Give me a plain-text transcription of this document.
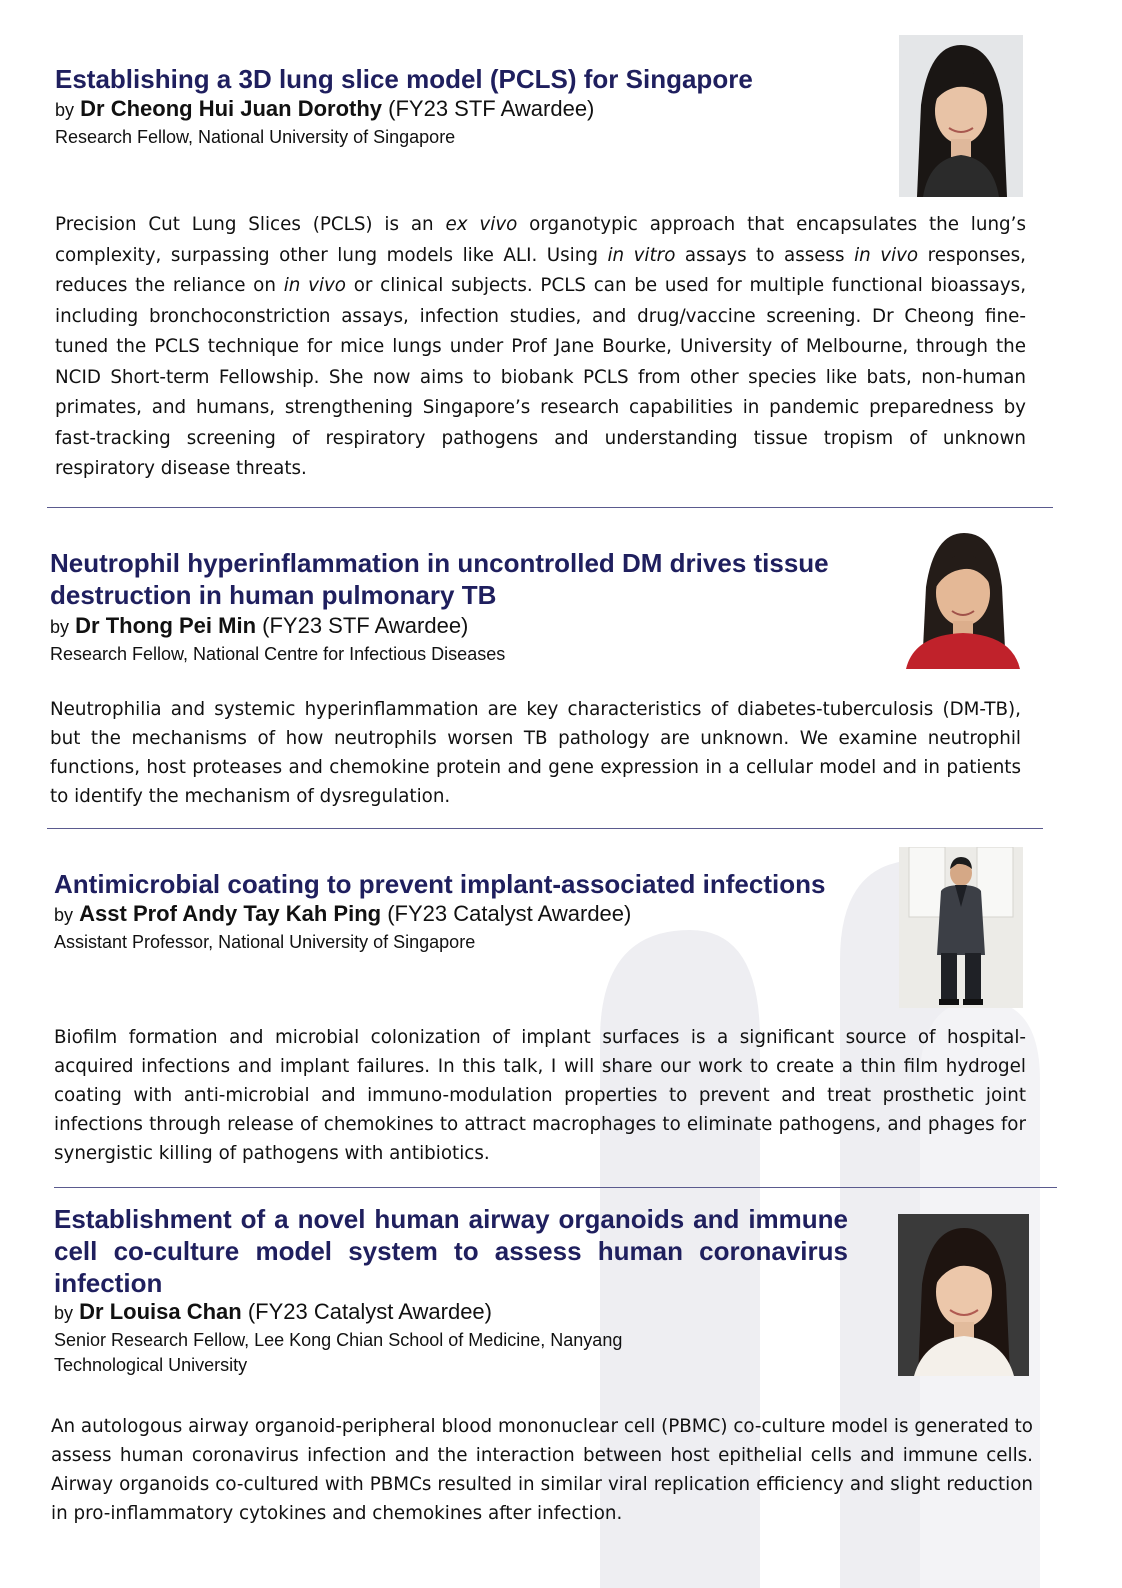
Establishing a 3D lung slice model (PCLS) for Singapore

by Dr Cheong Hui Juan Dorothy (FY23 STF Awardee)

Research Fellow, National University of Singapore

Precision Cut Lung Slices (PCLS) is an ex vivo organotypic approach that encapsulates the lung’s complexity, surpassing other lung models like ALI. Using in vitro assays to assess in vivo responses, reduces the reliance on in vivo or clinical subjects. PCLS can be used for multiple functional bioassays, including bronchoconstriction assays, infection studies, and drug/vaccine screening. Dr Cheong fine-tuned the PCLS technique for mice lungs under Prof Jane Bourke, University of Melbourne, through the NCID Short-term Fellowship. She now aims to biobank PCLS from other species like bats, non-human primates, and humans, strengthening Singapore’s research capabilities in pandemic preparedness by fast-tracking screening of respiratory pathogens and understanding tissue tropism of unknown respiratory disease threats.

Neutrophil hyperinflammation in uncontrolled DM drives tissue destruction in human pulmonary TB

by Dr Thong Pei Min (FY23 STF Awardee)

Research Fellow, National Centre for Infectious Diseases

Neutrophilia and systemic hyperinflammation are key characteristics of diabetes-tuberculosis (DM-TB), but the mechanisms of how neutrophils worsen TB pathology are unknown. We examine neutrophil functions, host proteases and chemokine protein and gene expression in a cellular model and in patients to identify the mechanism of dysregulation.

Antimicrobial coating to prevent implant-associated infections

by Asst Prof Andy Tay Kah Ping (FY23 Catalyst Awardee)

Assistant Professor, National University of Singapore

Biofilm formation and microbial colonization of implant surfaces is a significant source of hospital-acquired infections and implant failures. In this talk, I will share our work to create a thin film hydrogel coating with anti-microbial and immuno-modulation properties to prevent and treat prosthetic joint infections through release of chemokines to attract macrophages to eliminate pathogens, and phages for synergistic killing of pathogens with antibiotics.

Establishment of a novel human airway organoids and immune cell co-culture model system to assess human coronavirus infection

by Dr Louisa Chan (FY23 Catalyst Awardee)

Senior Research Fellow, Lee Kong Chian School of Medicine, Nanyang Technological University

An autologous airway organoid-peripheral blood mononuclear cell (PBMC) co-culture model is generated to assess human coronavirus infection and the interaction between host epithelial cells and immune cells. Airway organoids co-cultured with PBMCs resulted in similar viral replication efficiency and slight reduction in pro-inflammatory cytokines and chemokines after infection.
